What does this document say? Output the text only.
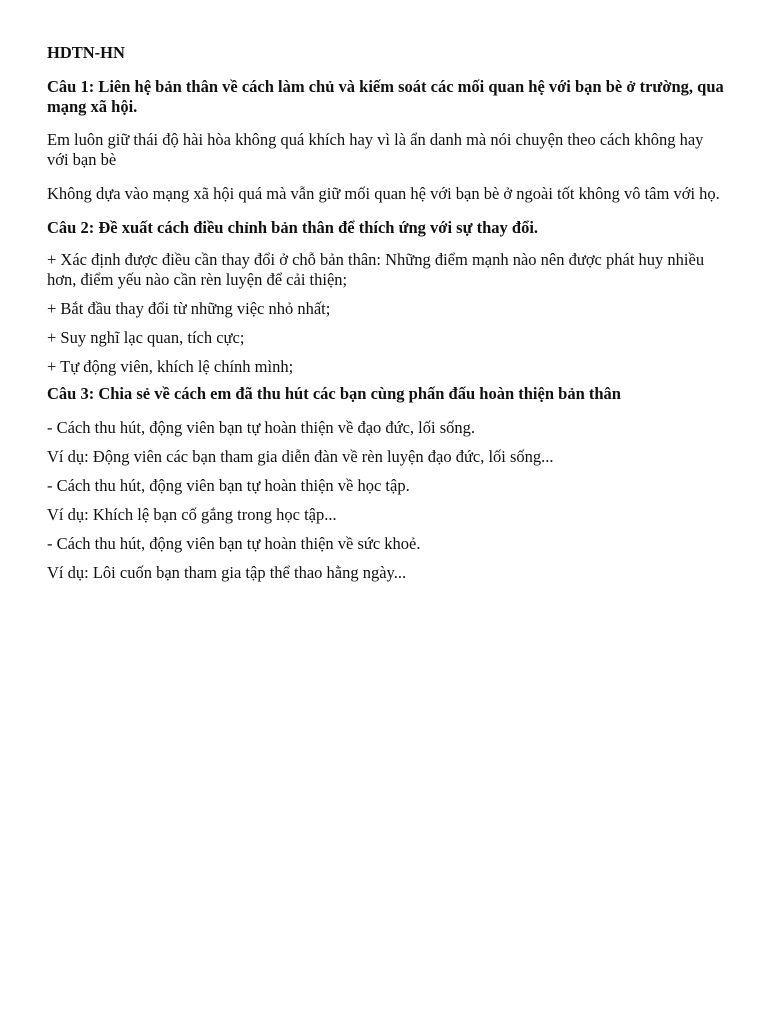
HDTN-HN
Câu 1: Liên hệ bản thân về cách làm chủ và kiếm soát các mối quan hệ với bạn bè ở trường, qua mạng xã hội.
Em luôn giữ thái độ hài hòa không quá khích hay vì là ẩn danh mà nói chuyện theo cách không hay với bạn bè
Không dựa vào mạng xã hội quá mà vẫn giữ mối quan hệ với bạn bè ở ngoài tốt không vô tâm với họ.
Câu 2: Đề xuất cách điều chỉnh bản thân để thích ứng với sự thay đổi.
+ Xác định được điều cần thay đổi ở chỗ bản thân: Những điểm mạnh nào nên được phát huy nhiều hơn, điểm yếu nào cần rèn luyện để cải thiện;
+ Bắt đầu thay đổi từ những việc nhỏ nhất;
+ Suy nghĩ lạc quan, tích cực;
+ Tự động viên, khích lệ chính mình;
Câu 3: Chia sẻ về cách em đã thu hút các bạn cùng phấn đấu hoàn thiện bản thân
- Cách thu hút, động viên bạn tự hoàn thiện về đạo đức, lối sống.
Ví dụ: Động viên các bạn tham gia diễn đàn về rèn luyện đạo đức, lối sống...
- Cách thu hút, động viên bạn tự hoàn thiện về học tập.
Ví dụ: Khích lệ bạn cố gắng trong học tập...
- Cách thu hút, động viên bạn tự hoàn thiện về sức khoẻ.
Ví dụ: Lôi cuốn bạn tham gia tập thể thao hằng ngày...
